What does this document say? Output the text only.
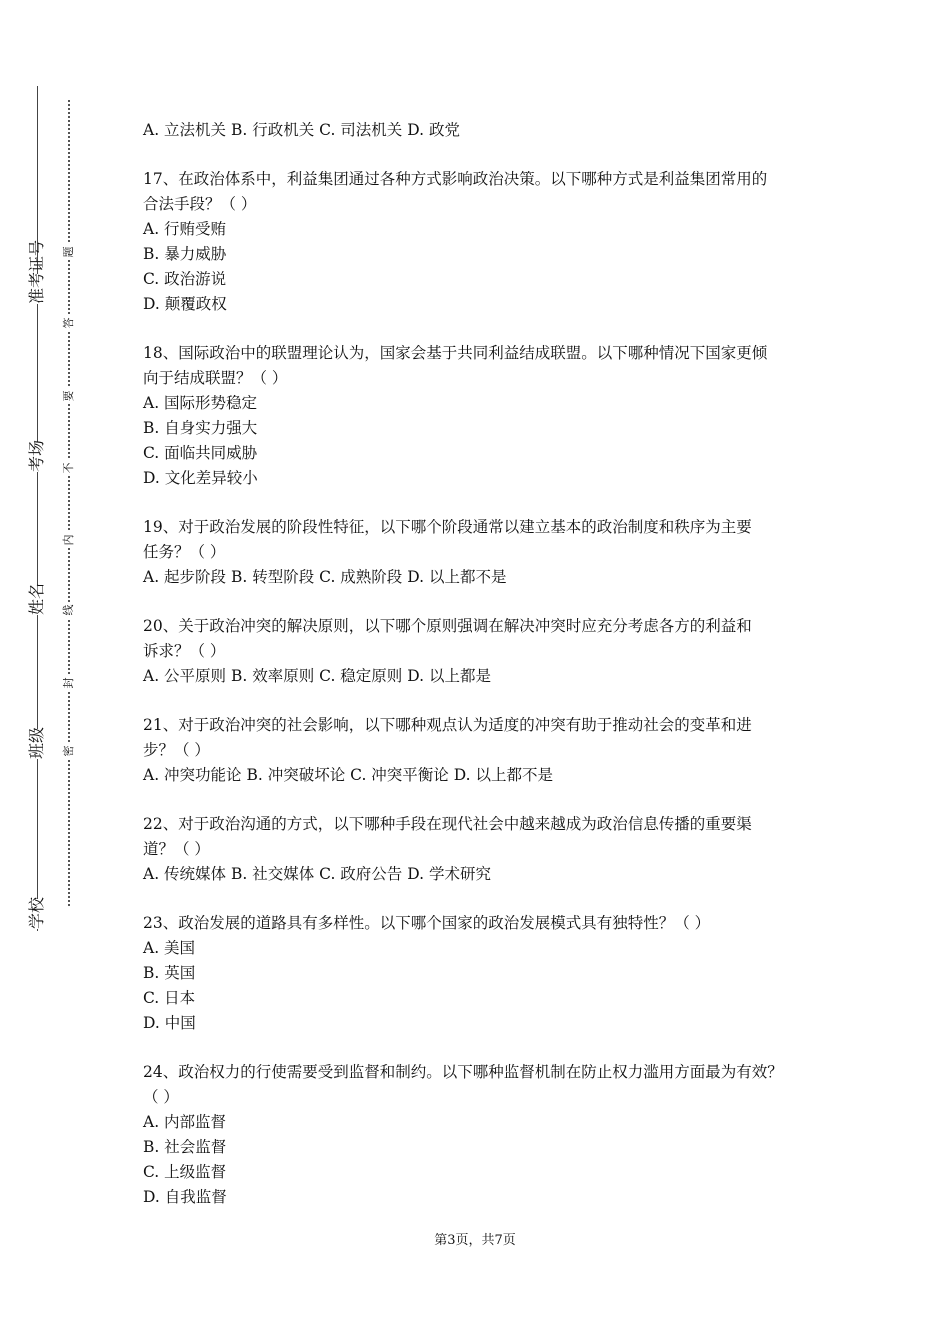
准考证号
考场
姓名
班级
学校
题
答
要
不
内
线
封
密

A. 立法机关 B. 行政机关 C. 司法机关 D. 政党

17、在政治体系中，利益集团通过各种方式影响政治决策。以下哪种方式是利益集团常用的

合法手段？（ ）

A. 行贿受贿

B. 暴力威胁

C. 政治游说

D. 颠覆政权

18、国际政治中的联盟理论认为，国家会基于共同利益结成联盟。以下哪种情况下国家更倾

向于结成联盟？（ ）

A. 国际形势稳定

B. 自身实力强大

C. 面临共同威胁

D. 文化差异较小

19、对于政治发展的阶段性特征，以下哪个阶段通常以建立基本的政治制度和秩序为主要

任务？（ ）

A. 起步阶段 B. 转型阶段 C. 成熟阶段 D. 以上都不是

20、关于政治冲突的解决原则，以下哪个原则强调在解决冲突时应充分考虑各方的利益和

诉求？（ ）

A. 公平原则 B. 效率原则 C. 稳定原则 D. 以上都是

21、对于政治冲突的社会影响，以下哪种观点认为适度的冲突有助于推动社会的变革和进

步？（ ）

A. 冲突功能论 B. 冲突破坏论 C. 冲突平衡论 D. 以上都不是

22、对于政治沟通的方式，以下哪种手段在现代社会中越来越成为政治信息传播的重要渠

道？（ ）

A. 传统媒体 B. 社交媒体 C. 政府公告 D. 学术研究

23、政治发展的道路具有多样性。以下哪个国家的政治发展模式具有独特性？（ ）

A. 美国

B. 英国

C. 日本

D. 中国

24、政治权力的行使需要受到监督和制约。以下哪种监督机制在防止权力滥用方面最为有效？

（ ）

A. 内部监督

B. 社会监督

C. 上级监督

D. 自我监督

第3页，共7页
